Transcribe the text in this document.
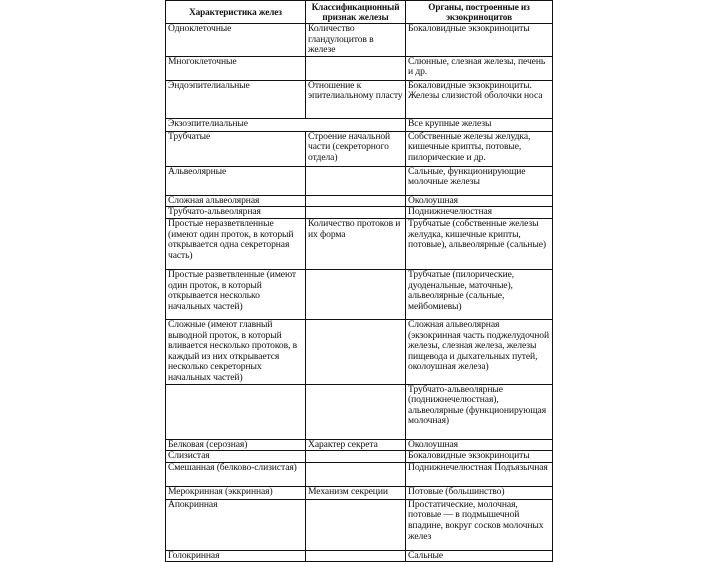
Характеристика желез	Классификационный признак железы	Органы, построенные из экзокриноцитов
Одноклеточные	Количество гландулоцитов в железе	Бокаловидные экзокриноциты
Многоклеточные		Слюнные, слезная железы, печень и др.
Эндоэпителиальные	Отношение к эпителиальному пласту	Бокаловидные экзокриноциты. Железы слизистой оболочки носа
Экзоэпителиальные		Все крупные железы
Трубчатые	Строение начальной части (секреторного отдела)	Собственные железы желудка, кишечные крипты, потовые, пилорические и др.
Альвеолярные		Сальные, функционирующие молочные железы
Сложная альвеолярная		Околоушная
Трубчато-альвеолярная		Поднижнечелюстная
Простые неразветвленные (имеют один проток, в который открывается одна секреторная часть)	Количество протоков и их форма	Трубчатые (собственные железы желудка, кишечные крипты, потовые), альвеолярные (сальные)
Простые разветвленные (имеют один проток, в который открывается несколько начальных частей)		Трубчатые (пилорические, дуоденальные, маточные), альвеолярные (сальные, мейбомиевы)
Сложные (имеют главный выводной проток, в который вливается несколько протоков, в каждый из них открывается несколько секреторных начальных частей)		Сложная альвеолярная (экзокринная часть поджелудочной железы, слезная железа, железы пищевода и дыхательных путей, околоушная железа)
		Трубчато-альвеолярные (поднижнечелюстная), альвеолярные (функционирующая молочная)
Белковая (серозная)	Характер секрета	Околоушная
Слизистая		Бокаловидные экзокриноциты
Смешанная (белково-слизистая)		Поднижнечелюстная Подъязычная
Мерокринная (эккринная)	Механизм секреции	Потовые (большинство)
Апокринная		Простатические, молочная, потовые — в подмышечной впадине, вокруг сосков молочных желез
Голокринная		Сальные
